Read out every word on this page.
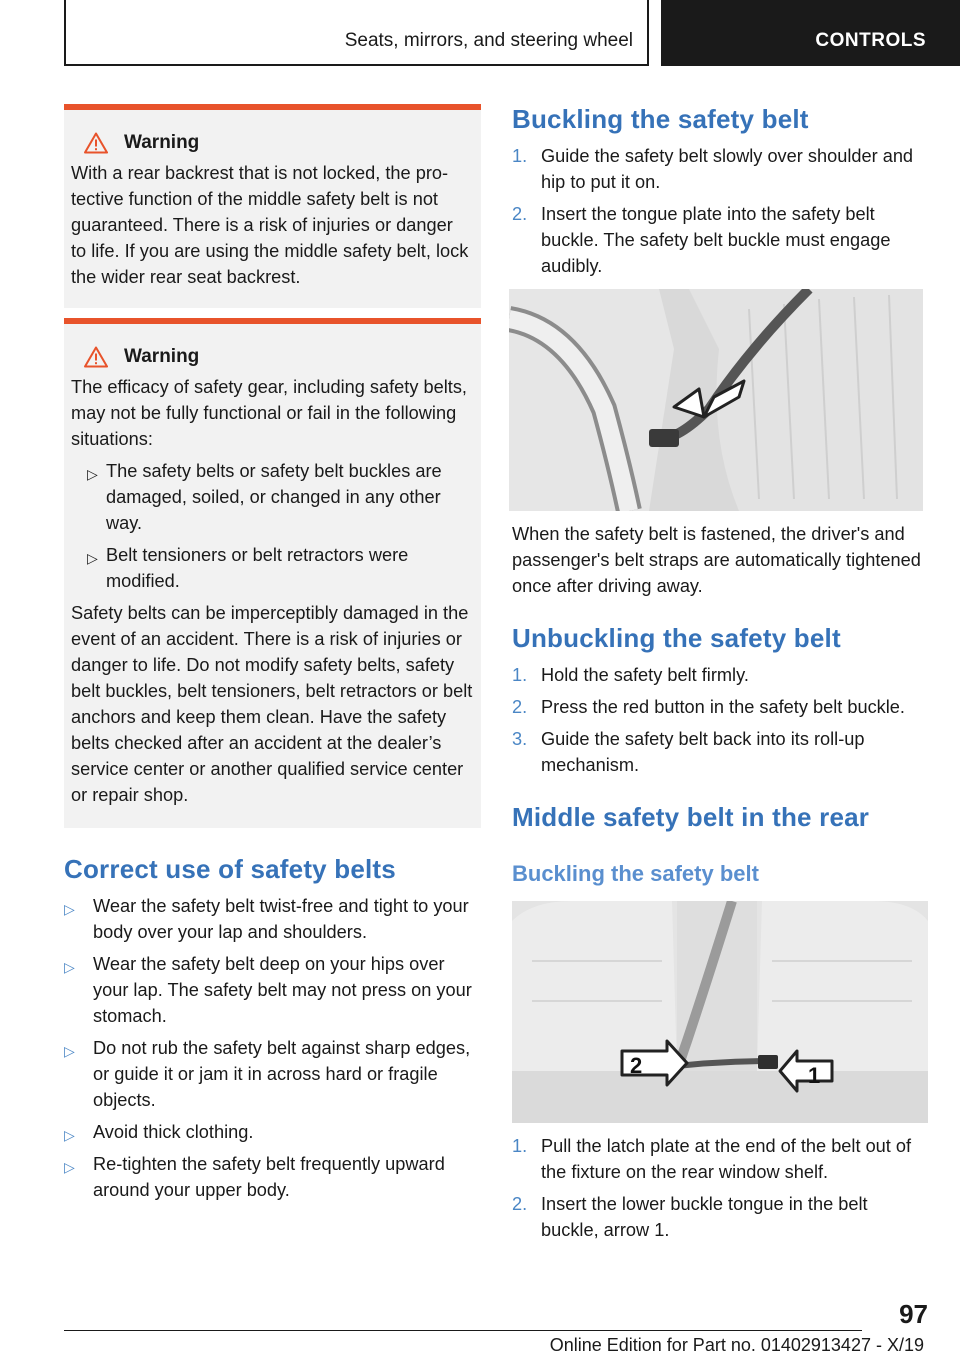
Seats, mirrors, and steering wheel	CONTROLS
Warning

With a rear backrest that is not locked, the protective function of the middle safety belt is not guaranteed. There is a risk of injuries or danger to life. If you are using the middle safety belt, lock the wider rear seat backrest.

Warning

The efficacy of safety gear, including safety belts, may not be fully functional or fail in the following situations:

▷ The safety belts or safety belt buckles are damaged, soiled, or changed in any other way.
▷ Belt tensioners or belt retractors were modified.

Safety belts can be imperceptibly damaged in the event of an accident. There is a risk of injuries or danger to life. Do not modify safety belts, safety belt buckles, belt tensioners, belt retractors or belt anchors and keep them clean. Have the safety belts checked after an accident at the dealer’s service center or another qualified service center or repair shop.

Correct use of safety belts
▷ Wear the safety belt twist-free and tight to your body over your lap and shoulders.
▷ Wear the safety belt deep on your hips over your lap. The safety belt may not press on your stomach.
▷ Do not rub the safety belt against sharp edges, or guide it or jam it in across hard or fragile objects.
▷ Avoid thick clothing.
▷ Re-tighten the safety belt frequently upward around your upper body.
Buckling the safety belt
1. Guide the safety belt slowly over shoulder and hip to put it on.
2. Insert the tongue plate into the safety belt buckle. The safety belt buckle must engage audibly.

When the safety belt is fastened, the driver's and passenger's belt straps are automatically tightened once after driving away.

Unbuckling the safety belt
1. Hold the safety belt firmly.
2. Press the red button in the safety belt buckle.
3. Guide the safety belt back into its roll-up mechanism.
Middle safety belt in the rear
Buckling the safety belt
2	1
1. Pull the latch plate at the end of the belt out of the fixture on the rear window shelf.
2. Insert the lower buckle tongue in the belt buckle, arrow 1.
97
Online Edition for Part no. 01402913427 - X/19
